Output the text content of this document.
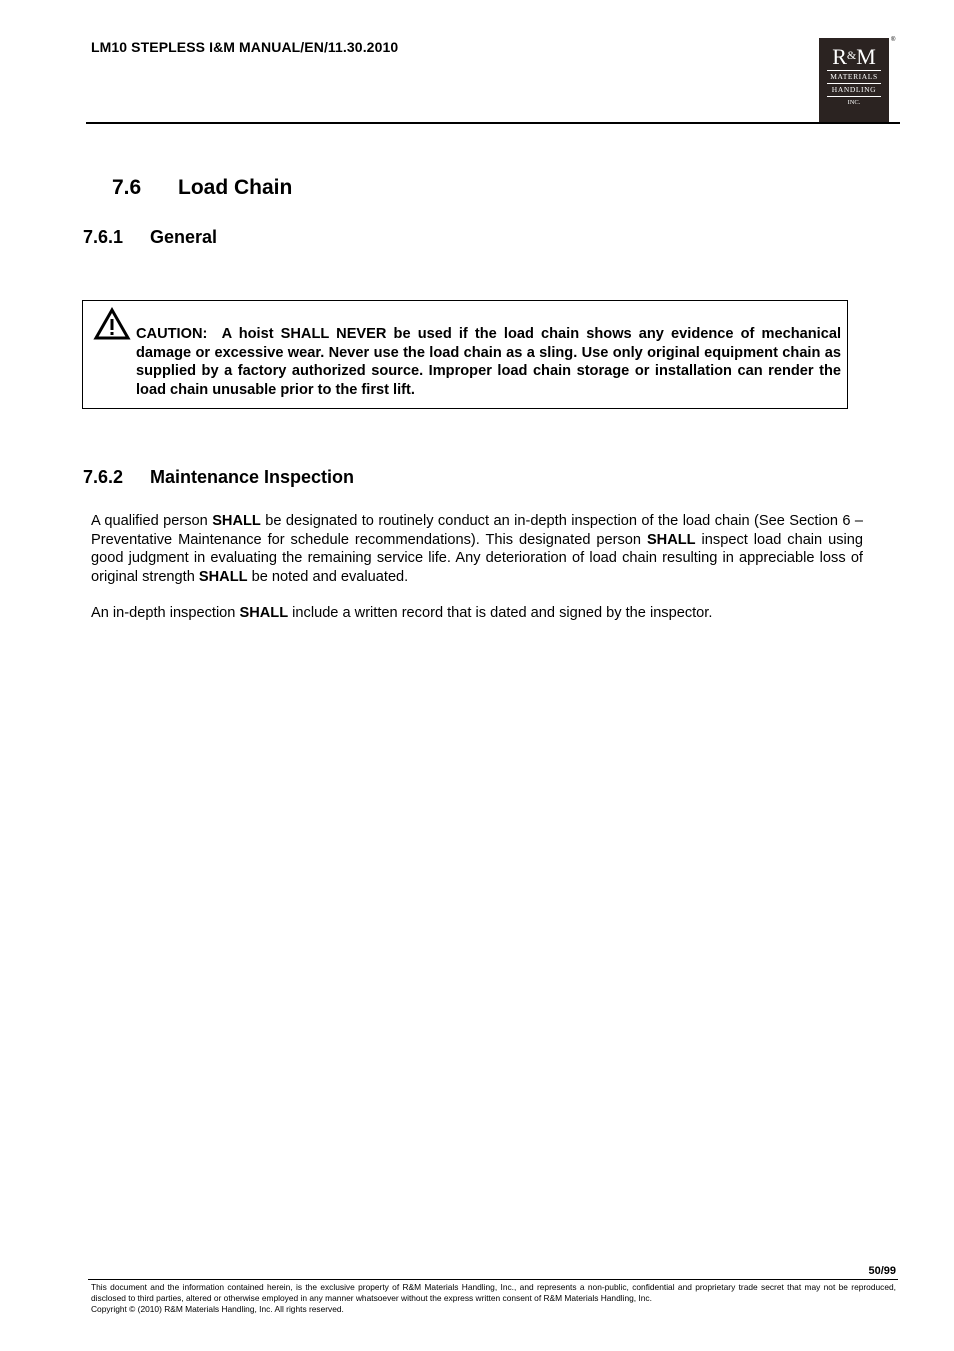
LM10 STEPLESS I&M MANUAL/EN/11.30.2010	R&M
MATERIALS
HANDLING
INC.
®
7.6 Load Chain
7.6.1 General
CAUTION: A hoist SHALL NEVER be used if the load chain shows any evidence of mechanical damage or excessive wear. Never use the load chain as a sling. Use only original equipment chain as supplied by a factory authorized source. Improper load chain storage or installation can render the load chain unusable prior to the first lift.
7.6.2 Maintenance Inspection
A qualified person SHALL be designated to routinely conduct an in-depth inspection of the load chain (See Section 6 – Preventative Maintenance for schedule recommendations). This designated person SHALL inspect load chain using good judgment in evaluating the remaining service life. Any deterioration of load chain resulting in appreciable loss of original strength SHALL be noted and evaluated.
An in-depth inspection SHALL include a written record that is dated and signed by the inspector.
50/99
This document and the information contained herein, is the exclusive property of R&M Materials Handling, Inc., and represents a non-public, confidential and proprietary trade secret that may not be reproduced, disclosed to third parties, altered or otherwise employed in any manner whatsoever without the express written consent of R&M Materials Handling, Inc.
Copyright © (2010) R&M Materials Handling, Inc. All rights reserved.
